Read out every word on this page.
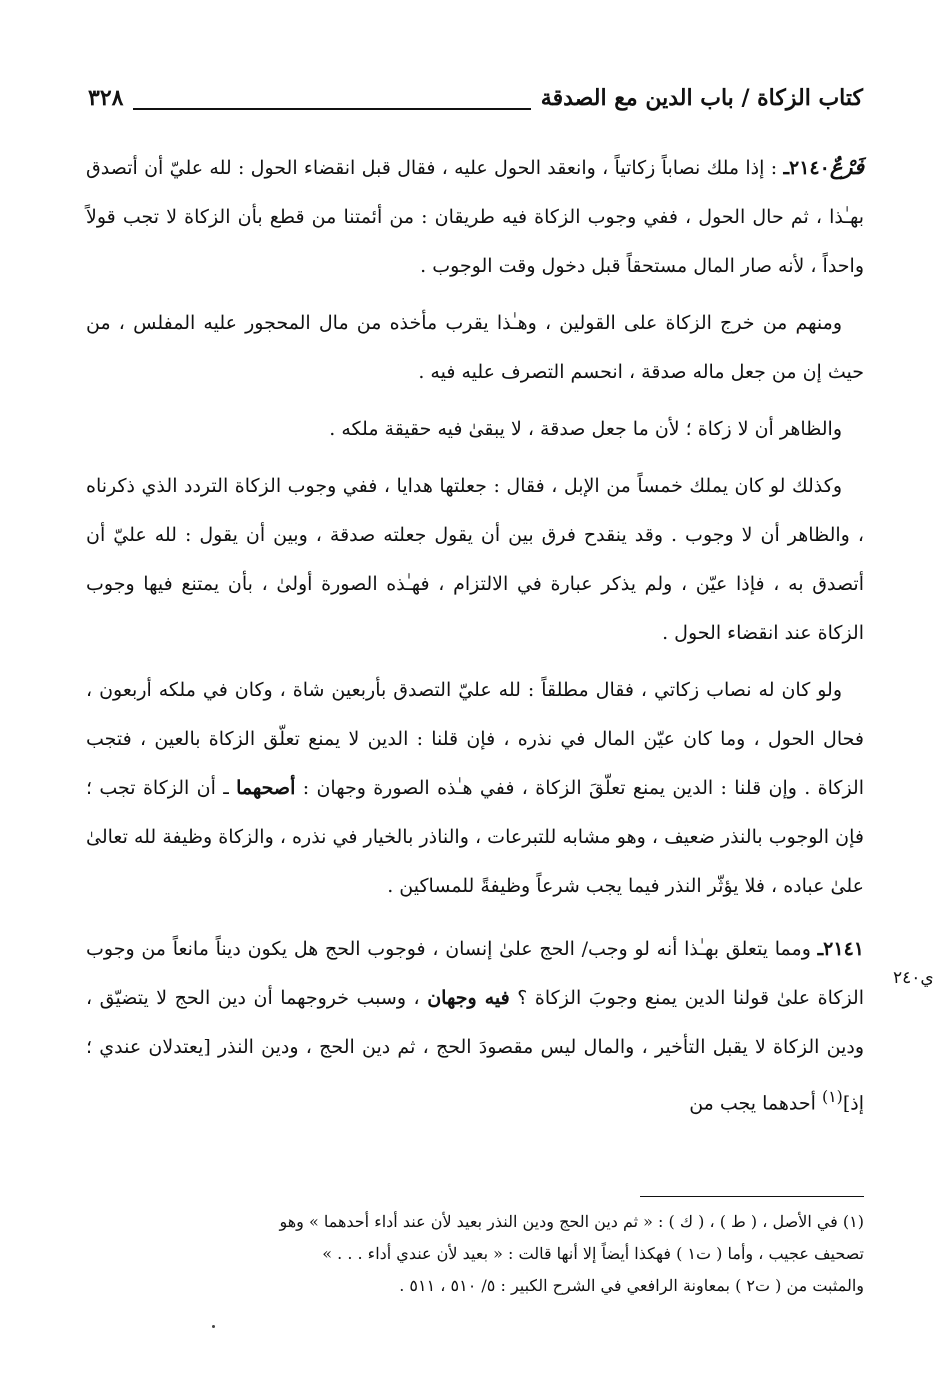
كتاب الزكاة / باب الدين مع الصدقة
٣٢٨
ي٢٤٠

فَرْعٌ٢١٤٠ـ : إذا ملك نصاباً زكاتياً ، وانعقد الحول عليه ، فقال قبل انقضاء الحول : لله عليّ أن أتصدق بهـٰذا ، ثم حال الحول ، ففي وجوب الزكاة فيه طريقان : من أئمتنا من قطع بأن الزكاة لا تجب قولاً واحداً ، لأنه صار المال مستحقاً قبل دخول وقت الوجوب .

ومنهم من خرج الزكاة على القولين ، وهـٰذا يقرب مأخذه من مال المحجور عليه المفلس ، من حيث إن من جعل ماله صدقة ، انحسم التصرف عليه فيه .

والظاهر أن لا زكاة ؛ لأن ما جعل صدقة ، لا يبقىٰ فيه حقيقة ملكه .

وكذلك لو كان يملك خمساً من الإبل ، فقال : جعلتها هدايا ، ففي وجوب الزكاة التردد الذي ذكرناه ، والظاهر أن لا وجوب . وقد ينقدح فرق بين أن يقول جعلته صدقة ، وبين أن يقول : لله عليّ أن أتصدق به ، فإذا عيّن ، ولم يذكر عبارة في الالتزام ، فهـٰذه الصورة أولىٰ ، بأن يمتنع فيها وجوب الزكاة عند انقضاء الحول .

ولو كان له نصاب زكاتي ، فقال مطلقاً : لله عليّ التصدق بأربعين شاة ، وكان في ملكه أربعون ، فحال الحول ، وما كان عيّن المال في نذره ، فإن قلنا : الدين لا يمنع تعلّق الزكاة بالعين ، فتجب الزكاة . وإن قلنا : الدين يمنع تعلّقَ الزكاة ، ففي هـٰذه الصورة وجهان : أصحهما ـ أن الزكاة تجب ؛ فإن الوجوب بالنذر ضعيف ، وهو مشابه للتبرعات ، والناذر بالخيار في نذره ، والزكاة وظيفة لله تعالىٰ علىٰ عباده ، فلا يؤثّر النذر فيما يجب شرعاً وظيفةً للمساكين .

٢١٤١ـ ومما يتعلق بهـٰذا أنه لو وجب/ الحج علىٰ إنسان ، فوجوب الحج هل يكون ديناً مانعاً من وجوب الزكاة علىٰ قولنا الدين يمنع وجوبَ الزكاة ؟ فيه وجهان ، وسبب خروجهما أن دين الحج لا يتضيّق ، ودين الزكاة لا يقبل التأخير ، والمال ليس مقصودَ الحج ، ثم دين الحج ، ودين النذر [يعتدلان عندي ؛ إذ]$^{(١)}$ أحدهما يجب من

(١) في الأصل ، ( ط ) ، ( ك ) : « ثم دين الحج ودين النذر بعيد لأن عند أداء أحدهما » وهو

تصحيف عجيب ، وأما ( ت١ ) فهكذا أيضاً إلا أنها قالت : « بعيد لأن عندي أداء . . . »

والمثبت من ( ت٢ ) بمعاونة الرافعي في الشرح الكبير : ٥/ ٥١٠ ، ٥١١ .
